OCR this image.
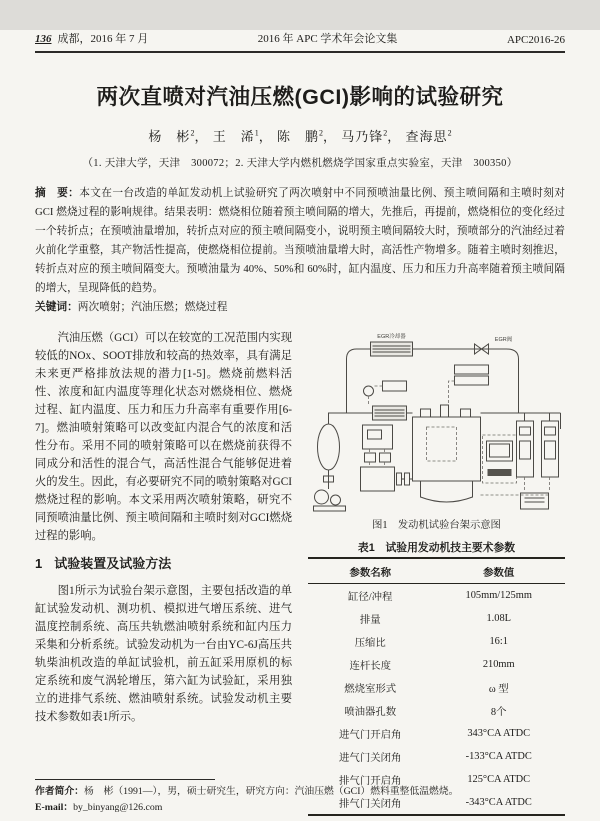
136 成都，2016 年 7 月	2016 年 APC 学术年会论文集	APC2016-26
两次直喷对汽油压燃(GCI)影响的试验研究
杨　彬$^2$， 王　浠$^1$， 陈　鹏$^2$， 马乃锋$^2$， 查海思$^2$
（1. 天津大学，天津　300072；2. 天津大学内燃机燃烧学国家重点实验室，天津　300350）
摘　要：本文在一台改造的单缸发动机上试验研究了两次喷射中不同预喷油量比例、预主喷间隔和主喷时刻对 GCI 燃烧过程的影响规律。结果表明：燃烧相位随着预主喷间隔的增大，先推后，再提前，燃烧相位的变化经过一个转折点；在预喷油量增加，转折点对应的预主喷间隔变小，说明预主喷间隔较大时，预喷部分的汽油经过着火前化学重整，其产物活性提高，使燃烧相位提前。当预喷油量增大时，高活性产物增多。随着主喷时刻推迟，转折点对应的预主喷间隔变大。预喷油量为 40%、50%和 60%时，缸内温度、压力和压力升高率随着预主喷间隔的增大，呈现降低的趋势。
关键词：两次喷射；汽油压燃；燃烧过程

汽油压燃（GCI）可以在较宽的工况范围内实现较低的NOx、SOOT排放和较高的热效率，具有满足未来更严格排放法规的潜力[1-5]。燃烧前燃料活性、浓度和缸内温度等理化状态对燃烧相位、燃烧过程、缸内温度、压力和压力升高率有重要作用[6-7]。燃油喷射策略可以改变缸内混合气的浓度和活性分布。采用不同的喷射策略可以在燃烧前获得不同成分和活性的混合气，高活性混合气能够促进着火的发生。因此，有必要研究不同的喷射策略对GCI燃烧过程的影响。本文采用两次喷射策略，研究不同预喷油量比例、预主喷间隔和主喷时刻对GCI燃烧过程的影响。

1 试验装置及试验方法

图1所示为试验台架示意图，主要包括改造的单缸试验发动机、测功机、模拟进气增压系统、进气温度控制系统、高压共轨燃油喷射系统和缸内压力采集和分析系统。试验发动机为一台由YC-6J高压共轨柴油机改造的单缸试验机，前五缸采用原机的标定系统和废气涡轮增压，第六缸为试验缸，采用独立的进排气系统、燃油喷射系统。试验发动机主要技术参数如表1所示。

EGR冷却器	EGR阀
图1　发动机试验台架示意图
表1　试验用发动机技主要术参数
参数名称	参数值
缸径/冲程	105mm/125mm
排量	1.08L
压缩比	16:1
连杆长度	210mm
燃烧室形式	ω 型
喷油器孔数	8个
进气门开启角	343°CA ATDC
进气门关闭角	-133°CA ATDC
排气门开启角	125°CA ATDC
排气门关闭角	-343°CA ATDC
作者简介：杨　彬（1991—），男，硕士研究生，研究方向：汽油压燃（GCI）燃料重整低温燃烧。
E-mail：by_binyang@126.com
